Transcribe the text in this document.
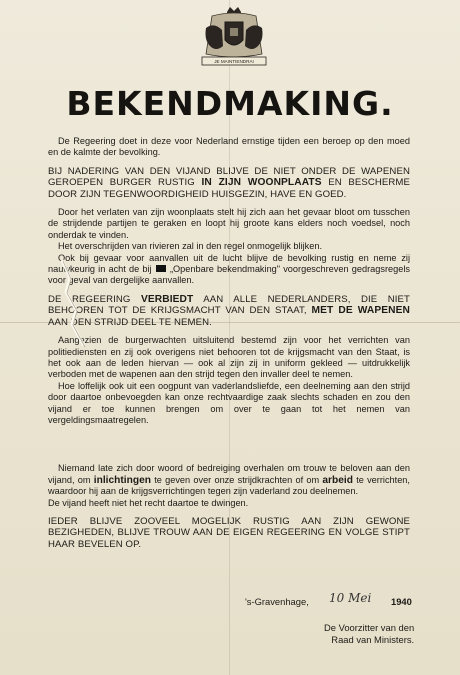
JE MAINTIENDRAI
BEKENDMAKING.

De Regeering doet in deze voor Nederland ernstige tijden een beroep op den moed en de kalmte der bevolking.

BIJ NADERING VAN DEN VIJAND BLIJVE DE NIET ONDER DE WAPENEN GEROEPEN BURGER RUSTIG IN ZIJN WOONPLAATS EN BESCHERME DOOR ZIJN TEGENWOORDIGHEID HUISGEZIN, HAVE EN GOED.

Door het verlaten van zijn woonplaats stelt hij zich aan het gevaar bloot om tusschen de strijdende partijen te geraken en loopt hij groote kans elders noch voedsel, noch onderdak te vinden.

Het overschrijden van rivieren zal in den regel onmogelijk blijken.

Ook bij gevaar voor aanvallen uit de lucht blijve de bevolking rustig en neme zij nauwkeurig in acht de bij „Openbare bekendmaking" voorgeschreven gedragsregels voor geval van dergelijke aanvallen.

DE REGEERING VERBIEDT AAN ALLE NEDERLANDERS, DIE NIET BEHOOREN TOT DE KRIJGSMACHT VAN DEN STAAT, MET DE WAPENEN AAN DEN STRIJD DEEL TE NEMEN.

Aangezien de burgerwachten uitsluitend bestemd zijn voor het verrichten van politiediensten en zij ook overigens niet behooren tot de krijgsmacht van den Staat, is het ook aan de leden hiervan — ook al zijn zij in uniform gekleed — uitdrukkelijk verboden met de wapenen aan den strijd tegen den invaller deel te nemen.

Hoe loffelijk ook uit een oogpunt van vaderlandsliefde, een deelneming aan den strijd door daartoe onbevoegden kan onze rechtvaardige zaak slechts schaden en zou den vijand er toe kunnen brengen om over te gaan tot het nemen van vergeldingsmaatregelen.

Niemand late zich door woord of bedreiging overhalen om trouw te beloven aan den vijand, om inlichtingen te geven over onze strijdkrachten of om arbeid te verrichten, waardoor hij aan de krijgsverrichtingen tegen zijn vaderland zou deelnemen.

De vijand heeft niet het recht daartoe te dwingen.

IEDER BLIJVE ZOOVEEL MOGELIJK RUSTIG AAN ZIJN GEWONE BEZIGHEDEN, BLIJVE TROUW AAN DE EIGEN REGEERING EN VOLGE STIPT HAAR BEVELEN OP.

's-Gravenhage, 10 Mei 1940
De Voorzitter van den
Raad van Ministers.
